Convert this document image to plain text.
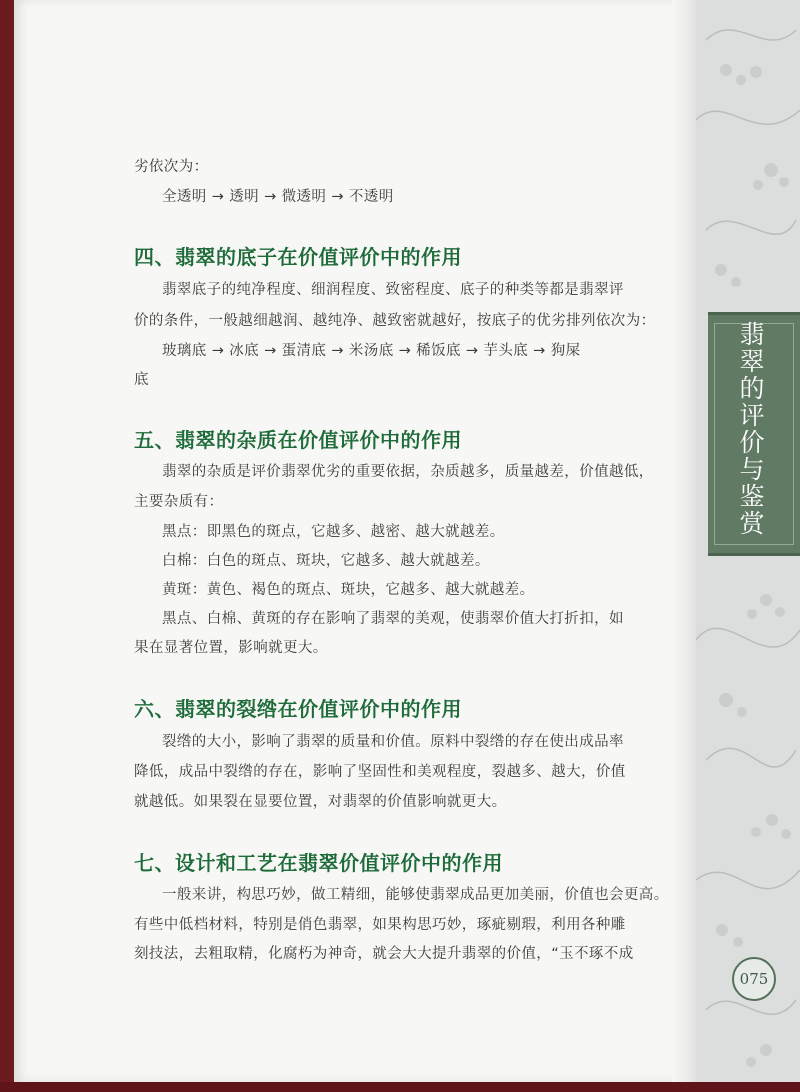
翡
翠
的
评
价
与
鉴
赏
075
劣依次为：
全透明 → 透明 → 微透明 → 不透明
四、翡翠的底子在价值评价中的作用
翡翠底子的纯净程度、细润程度、致密程度、底子的种类等都是翡翠评
价的条件，一般越细越润、越纯净、越致密就越好，按底子的优劣排列依次为：
玻璃底 → 冰底 → 蛋清底 → 米汤底 → 稀饭底 → 芋头底 → 狗屎
底
五、翡翠的杂质在价值评价中的作用
翡翠的杂质是评价翡翠优劣的重要依据，杂质越多，质量越差，价值越低，
主要杂质有：
黑点：即黑色的斑点，它越多、越密、越大就越差。
白棉：白色的斑点、斑块，它越多、越大就越差。
黄斑：黄色、褐色的斑点、斑块，它越多、越大就越差。
黑点、白棉、黄斑的存在影响了翡翠的美观，使翡翠价值大打折扣，如
果在显著位置，影响就更大。
六、翡翠的裂绺在价值评价中的作用
裂绺的大小，影响了翡翠的质量和价值。原料中裂绺的存在使出成品率
降低，成品中裂绺的存在，影响了坚固性和美观程度，裂越多、越大，价值
就越低。如果裂在显要位置，对翡翠的价值影响就更大。
七、设计和工艺在翡翠价值评价中的作用
一般来讲，构思巧妙，做工精细，能够使翡翠成品更加美丽，价值也会更高。
有些中低档材料，特别是俏色翡翠，如果构思巧妙，琢疵剔瑕，利用各种雕
刻技法，去粗取精，化腐朽为神奇，就会大大提升翡翠的价值，“玉不琢不成
